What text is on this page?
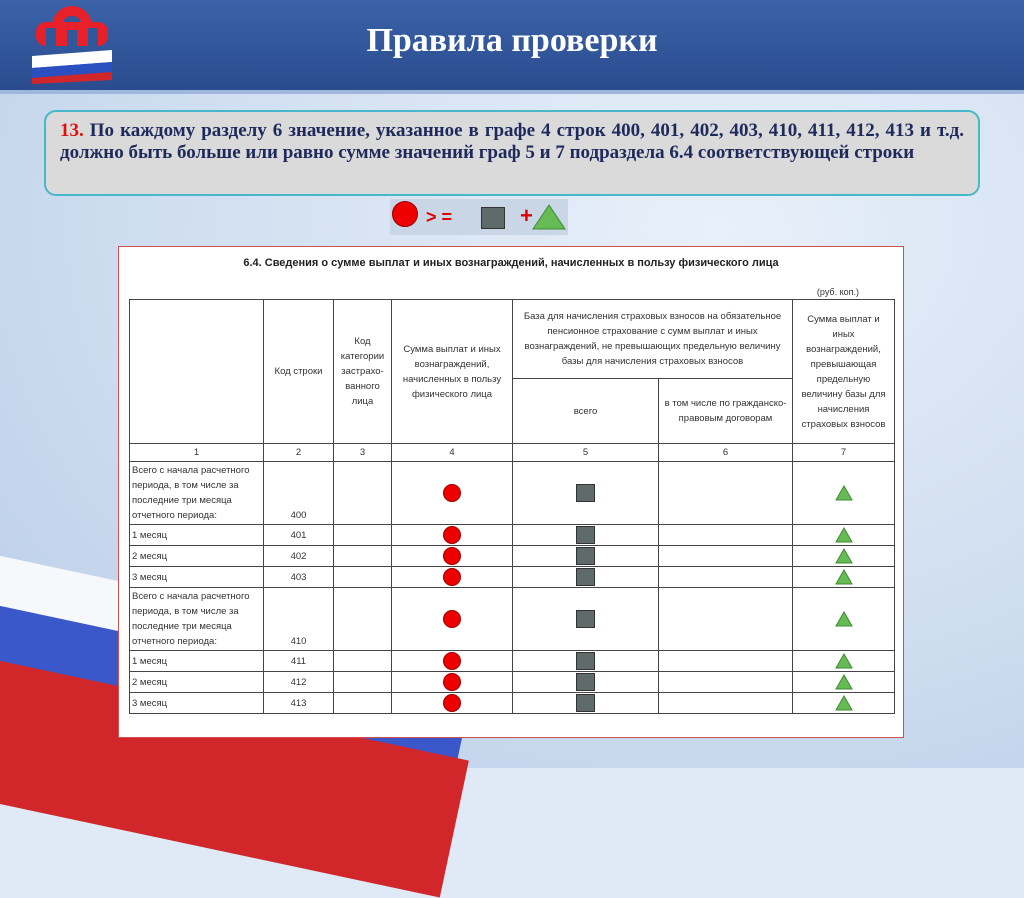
Правила проверки
13. По каждому разделу 6 значение, указанное в графе 4 строк 400, 401, 402, 403, 410, 411, 412, 413 и т.д. должно быть больше или равно сумме значений граф 5 и 7 подраздела 6.4 соответствующей строки
> =	+
6.4. Сведения о сумме выплат и иных вознаграждений, начисленных в пользу физического лица
(руб. коп.)
	Код строки	Код категории застрахо-ванного лица	Сумма выплат и иных вознаграждений, начисленных в пользу физического лица	База для начисления страховых взносов на обязательное пенсионное страхование с сумм выплат и иных вознаграждений, не превышающих предельную величину базы для начисления страховых взносов		Сумма выплат и иных вознаграждений, превышающая предельную величину базы для начисления страховых взносов
				всего	в том числе по гражданско-правовым договорам	
1	2	3	4	5	6	7
Всего с начала расчетного периода, в том числе за последние три месяца отчетного периода:	400					
1 месяц	401					
2 месяц	402					
3 месяц	403					
Всего с начала расчетного периода, в том числе за последние три месяца отчетного периода:	410					
1 месяц	411					
2 месяц	412					
3 месяц	413					
